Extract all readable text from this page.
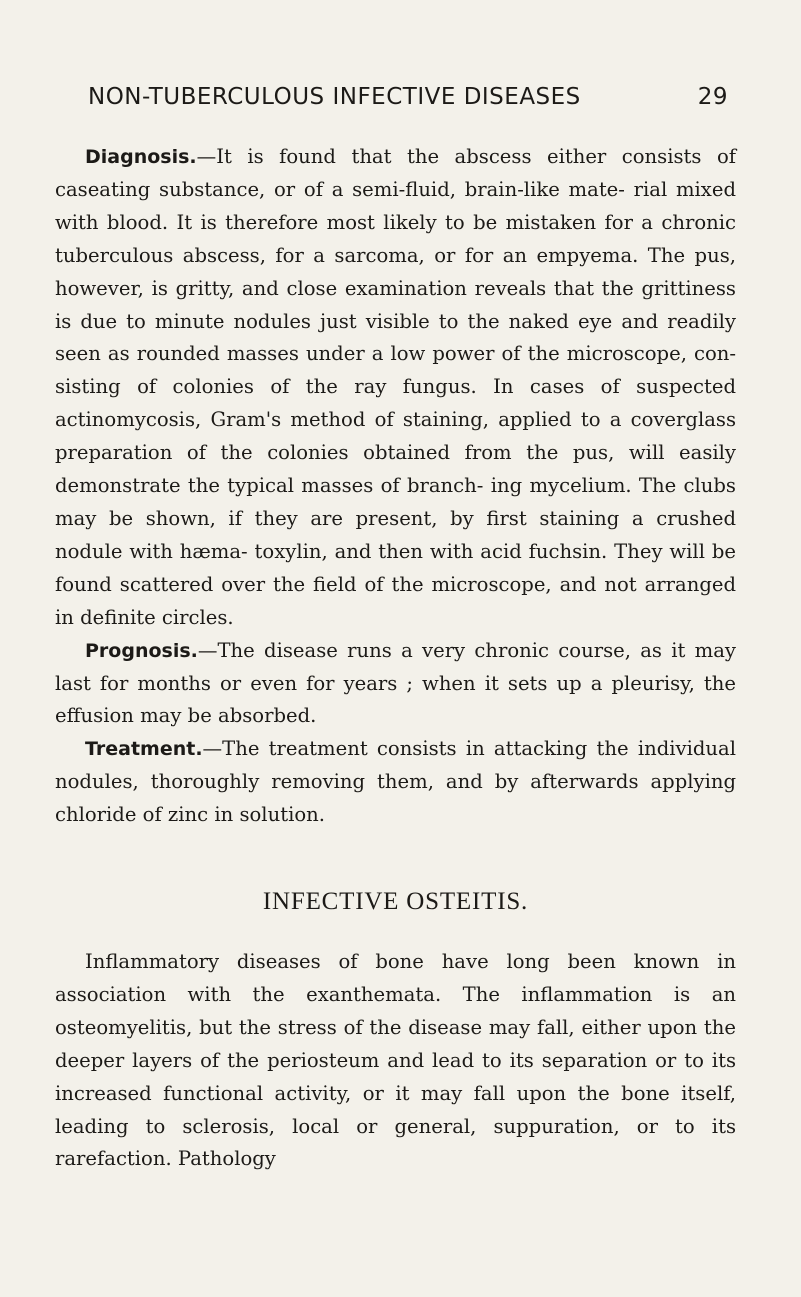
NON-TUBERCULOUS INFECTIVE DISEASES	29

Diagnosis.—It is found that the abscess either consists of caseating substance, or of a semi-fluid, brain-like mate- rial mixed with blood. It is therefore most likely to be mistaken for a chronic tuberculous abscess, for a sarcoma, or for an empyema. The pus, however, is gritty, and close examination reveals that the grittiness is due to minute nodules just visible to the naked eye and readily seen as rounded masses under a low power of the microscope, con- sisting of colonies of the ray fungus. In cases of suspected actinomycosis, Gram's method of staining, applied to a coverglass preparation of the colonies obtained from the pus, will easily demonstrate the typical masses of branch- ing mycelium. The clubs may be shown, if they are present, by first staining a crushed nodule with hæma- toxylin, and then with acid fuchsin. They will be found scattered over the field of the microscope, and not arranged in definite circles.

Prognosis.—The disease runs a very chronic course, as it may last for months or even for years ; when it sets up a pleurisy, the effusion may be absorbed.

Treatment.—The treatment consists in attacking the individual nodules, thoroughly removing them, and by afterwards applying chloride of zinc in solution.

INFECTIVE OSTEITIS.

Inflammatory diseases of bone have long been known in association with the exanthemata. The inflammation is an osteomyelitis, but the stress of the disease may fall, either upon the deeper layers of the periosteum and lead to its separation or to its increased functional activity, or it may fall upon the bone itself, leading to sclerosis, local or general, suppuration, or to its rarefaction. Pathology
